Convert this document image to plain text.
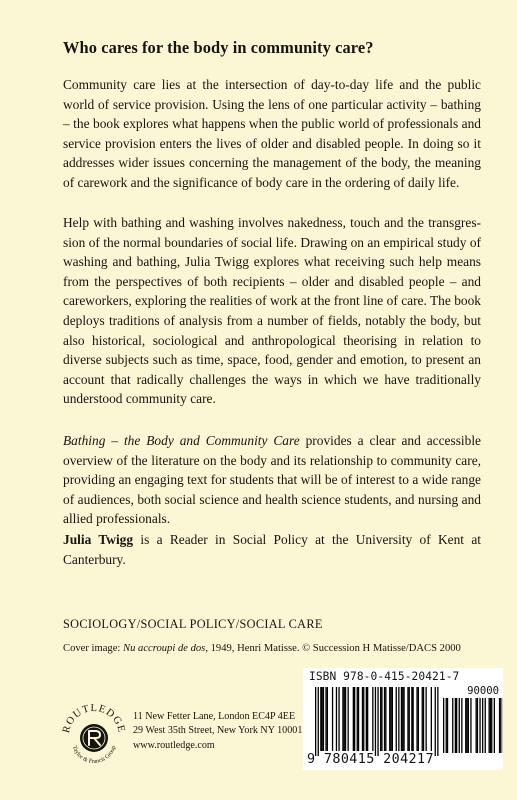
Who cares for the body in community care?

Community care lies at the intersection of day-to-day life and the public world of service provision. Using the lens of one particular activity – bathing – the book explores what happens when the public world of professionals and service provision enters the lives of older and disabled people. In doing so it addresses wider issues concerning the management of the body, the meaning of carework and the significance of body care in the ordering of daily life.

Help with bathing and washing involves nakedness, touch and the transgres-sion of the normal boundaries of social life. Drawing on an empirical study of washing and bathing, Julia Twigg explores what receiving such help means from the perspectives of both recipients – older and disabled people – and careworkers, exploring the realities of work at the front line of care. The book deploys traditions of analysis from a number of fields, notably the body, but also historical, sociological and anthropological theorising in relation to diverse subjects such as time, space, food, gender and emotion, to present an account that radically challenges the ways in which we have traditionally understood community care.

Bathing – the Body and Community Care provides a clear and accessible overview of the literature on the body and its relationship to community care, providing an engaging text for students that will be of interest to a wide range of audiences, both social science and health science students, and nursing and allied professionals.

Julia Twigg is a Reader in Social Policy at the University of Kent at Canterbury.

SOCIOLOGY/SOCIAL POLICY/SOCIAL CARE
Cover image: Nu accroupi de dos, 1949, Henri Matisse. © Succession H Matisse/DACS 2000
ROUTLEDGE
Taylor & Francis Group
11 New Fetter Lane, London EC4P 4EE
29 West 35th Street, New York NY 10001
www.routledge.com
ISBN 978-0-415-20421-7
90000
9 780415 204217
